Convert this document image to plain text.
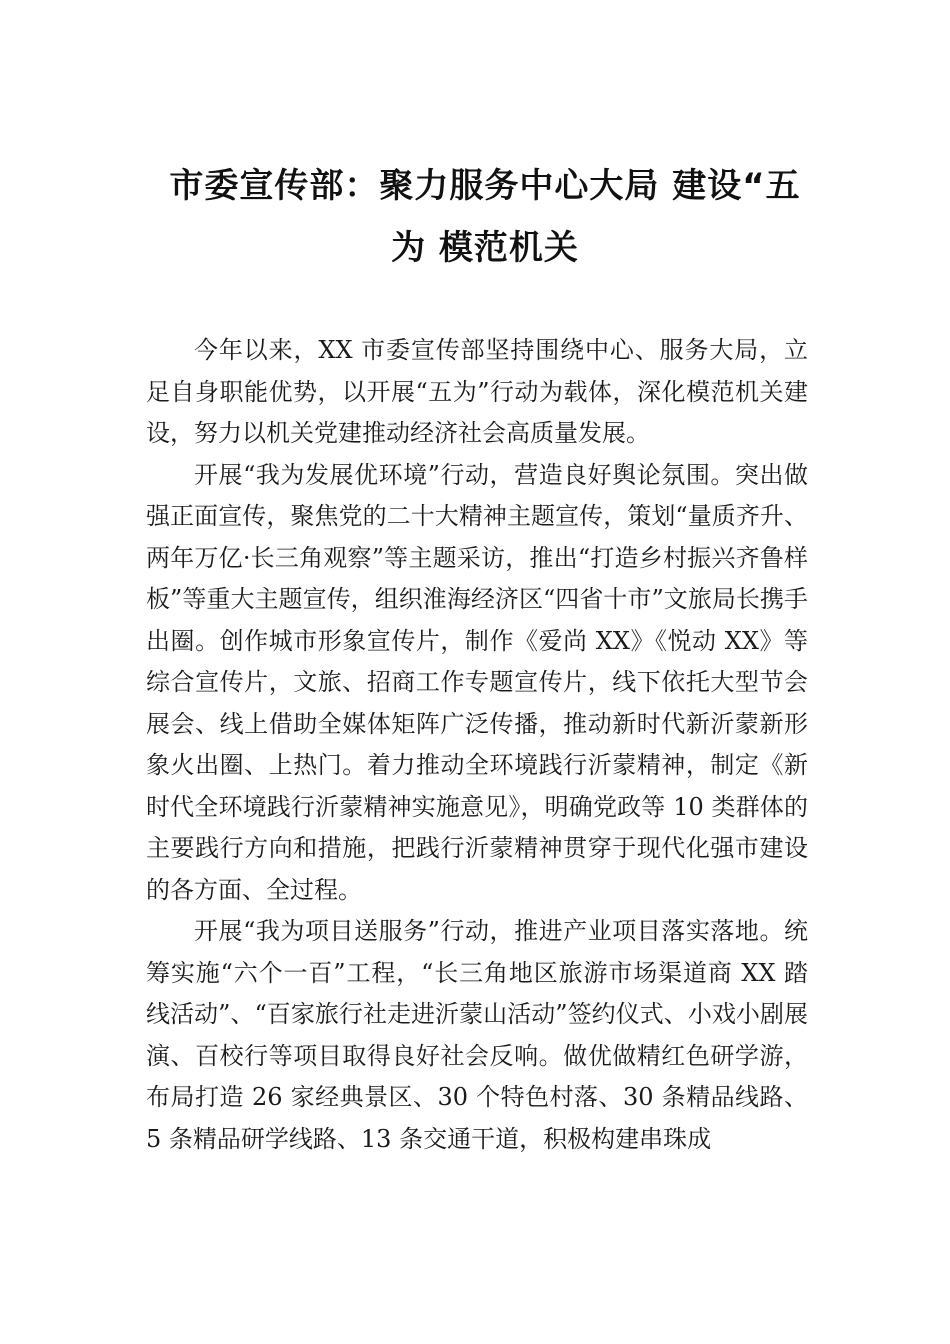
市委宣传部：聚力服务中心大局 建设“五为 模范机关

今年以来，XX 市委宣传部坚持围绕中心、服务大局，立足自身职能优势，以开展“五为”行动为载体，深化模范机关建设，努力以机关党建推动经济社会高质量发展。

开展“我为发展优环境”行动，营造良好舆论氛围。突出做强正面宣传，聚焦党的二十大精神主题宣传，策划“量质齐升、两年万亿·长三角观察”等主题采访，推出“打造乡村振兴齐鲁样板”等重大主题宣传，组织淮海经济区“四省十市”文旅局长携手出圈。创作城市形象宣传片，制作《爱尚 XX》《悦动 XX》等综合宣传片，文旅、招商工作专题宣传片，线下依托大型节会展会、线上借助全媒体矩阵广泛传播，推动新时代新沂蒙新形象火出圈、上热门。着力推动全环境践行沂蒙精神，制定《新时代全环境践行沂蒙精神实施意见》，明确党政等 10 类群体的主要践行方向和措施，把践行沂蒙精神贯穿于现代化强市建设的各方面、全过程。

开展“我为项目送服务”行动，推进产业项目落实落地。统筹实施“六个一百”工程，“长三角地区旅游市场渠道商 XX 踏线活动”、“百家旅行社走进沂蒙山活动”签约仪式、小戏小剧展演、百校行等项目取得良好社会反响。做优做精红色研学游，布局打造 26 家经典景区、30 个特色村落、30 条精品线路、5 条精品研学线路、13 条交通干道，积极构建串珠成
